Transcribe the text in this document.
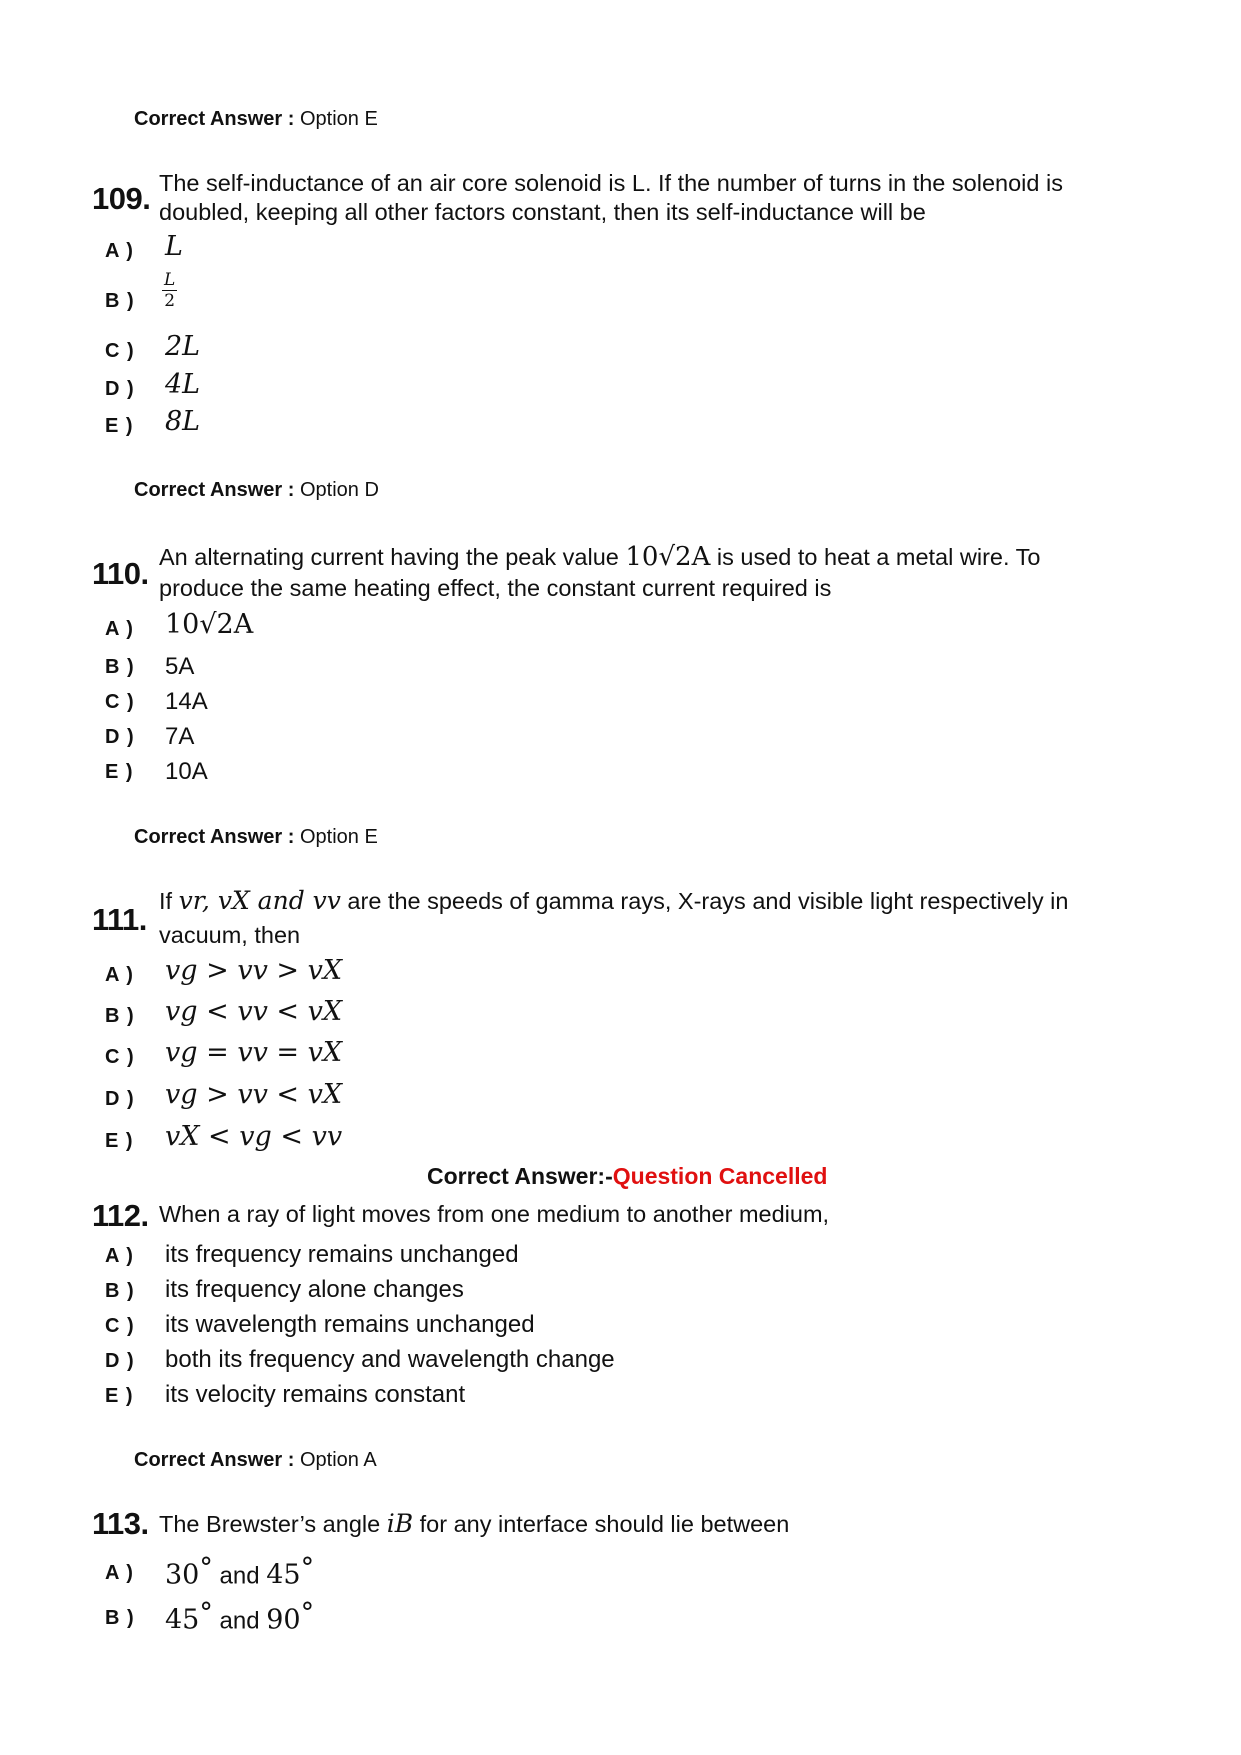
Correct Answer : Option E
109. The self-inductance of an air core solenoid is L. If the number of turns in the solenoid is
doubled, keeping all other factors constant, then its self-inductance will be
A ) L
B ) $\frac{L}{2}$
C ) 2L
D ) 4L
E ) 8L
Correct Answer : Option D
110. An alternating current having the peak value 10√2A is used to heat a metal wire. To
produce the same heating effect, the constant current required is
A ) 10√2A
B ) 5A
C ) 14A
D ) 7A
E ) 10A
Correct Answer : Option E
111.
If vr, vX and vv are the speeds of gamma rays, X-rays and visible light respectively in
vacuum, then
A ) vg > vv > vX
B ) vg < vv < vX
C ) vg = vv = vX
D ) vg > vv < vX
E ) vX < vg < vv
Correct Answer:-Question Cancelled
112. When a ray of light moves from one medium to another medium,
A ) its frequency remains unchanged
B ) its frequency alone changes
C ) its wavelength remains unchanged
D ) both its frequency and wavelength change
E ) its velocity remains constant
Correct Answer : Option A
113. The Brewster’s angle iB for any interface should lie between
A ) 30° and 45°
B ) 45° and 90°
